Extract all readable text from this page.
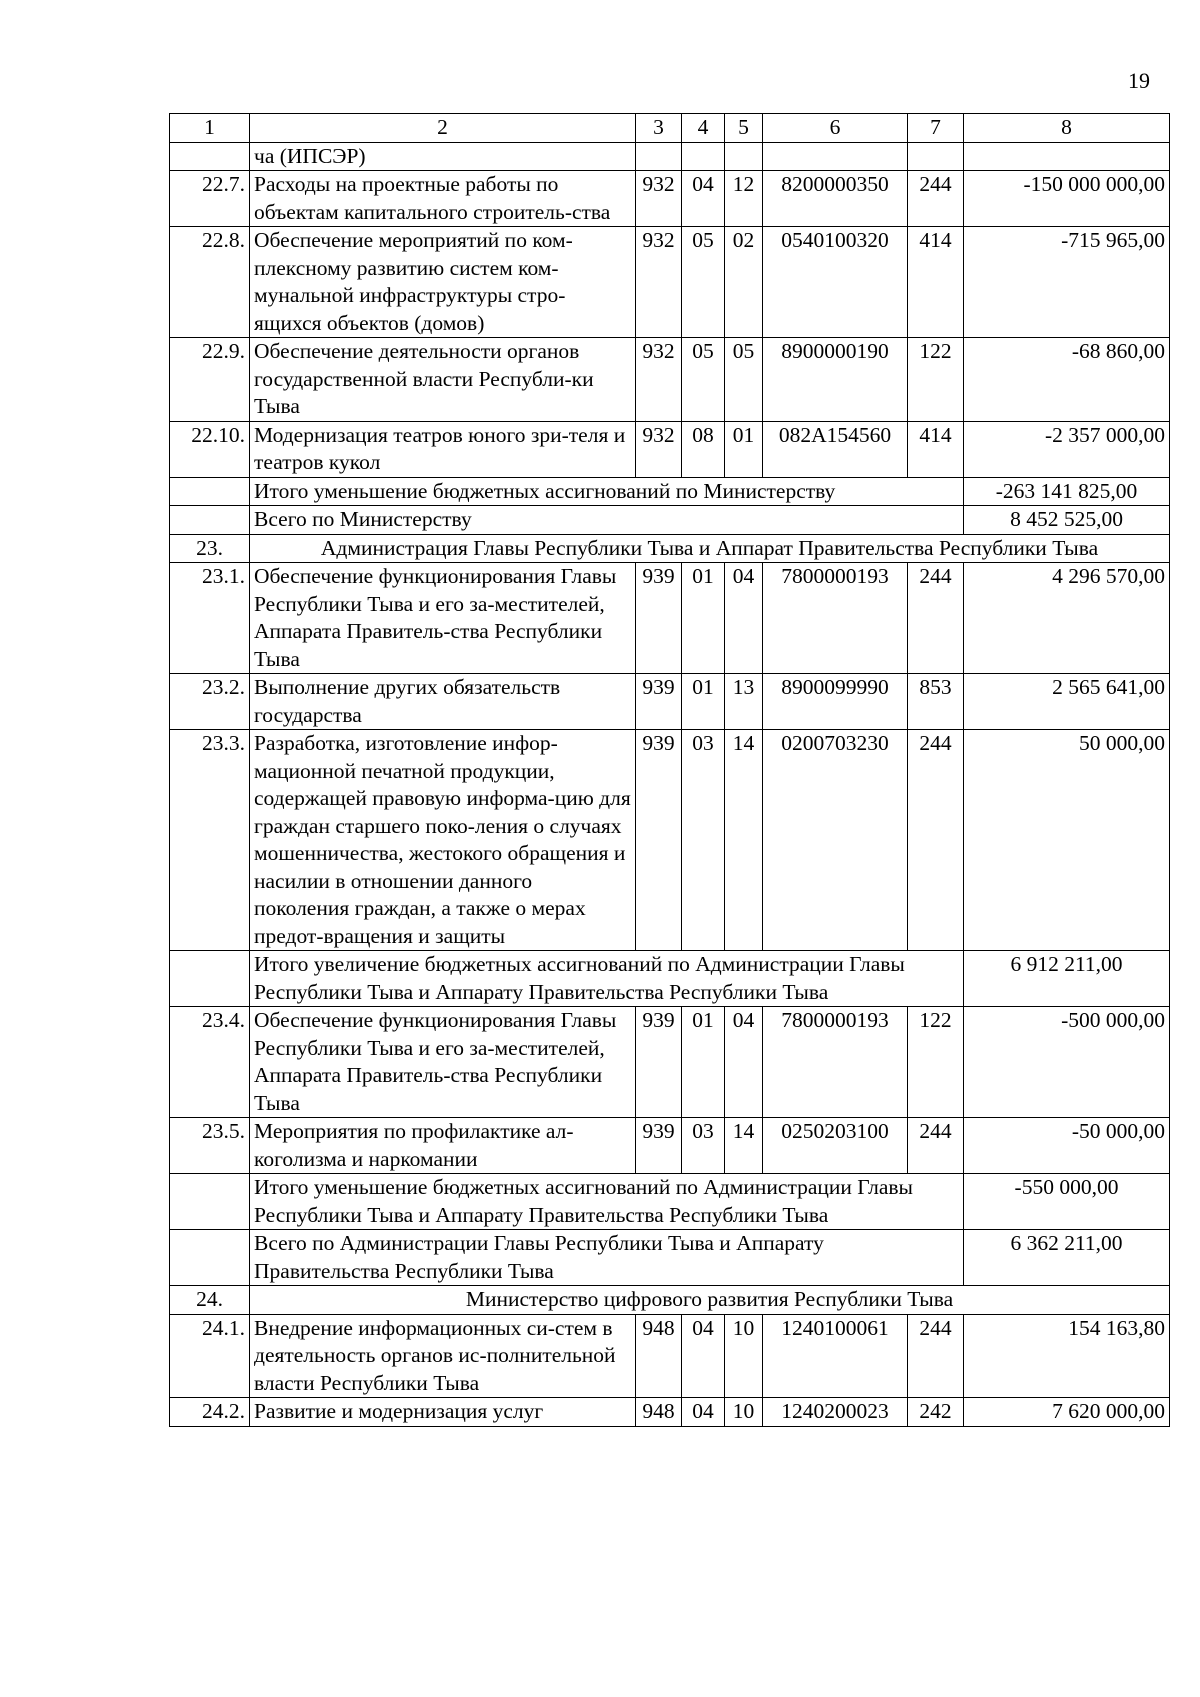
19
1	2	3	4	5	6	7	8
	ча (ИПСЭР)						
22.7.	Расходы на проектные работы по объектам капитального строитель-ства	932	04	12	8200000350	244	-150 000 000,00
22.8.	Обеспечение мероприятий по ком-плексному развитию систем ком-мунальной инфраструктуры стро-ящихся объектов (домов)	932	05	02	0540100320	414	-715 965,00
22.9.	Обеспечение деятельности органов государственной власти Республи-ки Тыва	932	05	05	8900000190	122	-68 860,00
22.10.	Модернизация театров юного зри-теля и театров кукол	932	08	01	082А154560	414	-2 357 000,00
	Итого уменьшение бюджетных ассигнований по Министерству						-263 141 825,00
	Всего по Министерству						8 452 525,00
23.	Администрация Главы Республики Тыва и Аппарат Правительства Республики Тыва						
23.1.	Обеспечение функционирования Главы Республики Тыва и его за-местителей, Аппарата Правитель-ства Республики Тыва	939	01	04	7800000193	244	4 296 570,00
23.2.	Выполнение других обязательств государства	939	01	13	8900099990	853	2 565 641,00
23.3.	Разработка, изготовление инфор-мационной печатной продукции, содержащей правовую информа-цию для граждан старшего поко-ления о случаях мошенничества, жестокого обращения и насилии в отношении данного поколения граждан, а также о мерах предот-вращения и защиты	939	03	14	0200703230	244	50 000,00
	Итого увеличение бюджетных ассигнований по Администрации Главы Республики Тыва и Аппарату Правительства Республики Тыва						6 912 211,00
23.4.	Обеспечение функционирования Главы Республики Тыва и его за-местителей, Аппарата Правитель-ства Республики Тыва	939	01	04	7800000193	122	-500 000,00
23.5.	Мероприятия по профилактике ал-коголизма и наркомании	939	03	14	0250203100	244	-50 000,00
	Итого уменьшение бюджетных ассигнований по Администрации Главы Республики Тыва и Аппарату Правительства Республики Тыва						-550 000,00
	Всего по Администрации Главы Республики Тыва и Аппарату Правительства Республики Тыва						6 362 211,00
24.	Министерство цифрового развития Республики Тыва						
24.1.	Внедрение информационных си-стем в деятельность органов ис-полнительной власти Республики Тыва	948	04	10	1240100061	244	154 163,80
24.2.	Развитие и модернизация услуг	948	04	10	1240200023	242	7 620 000,00
